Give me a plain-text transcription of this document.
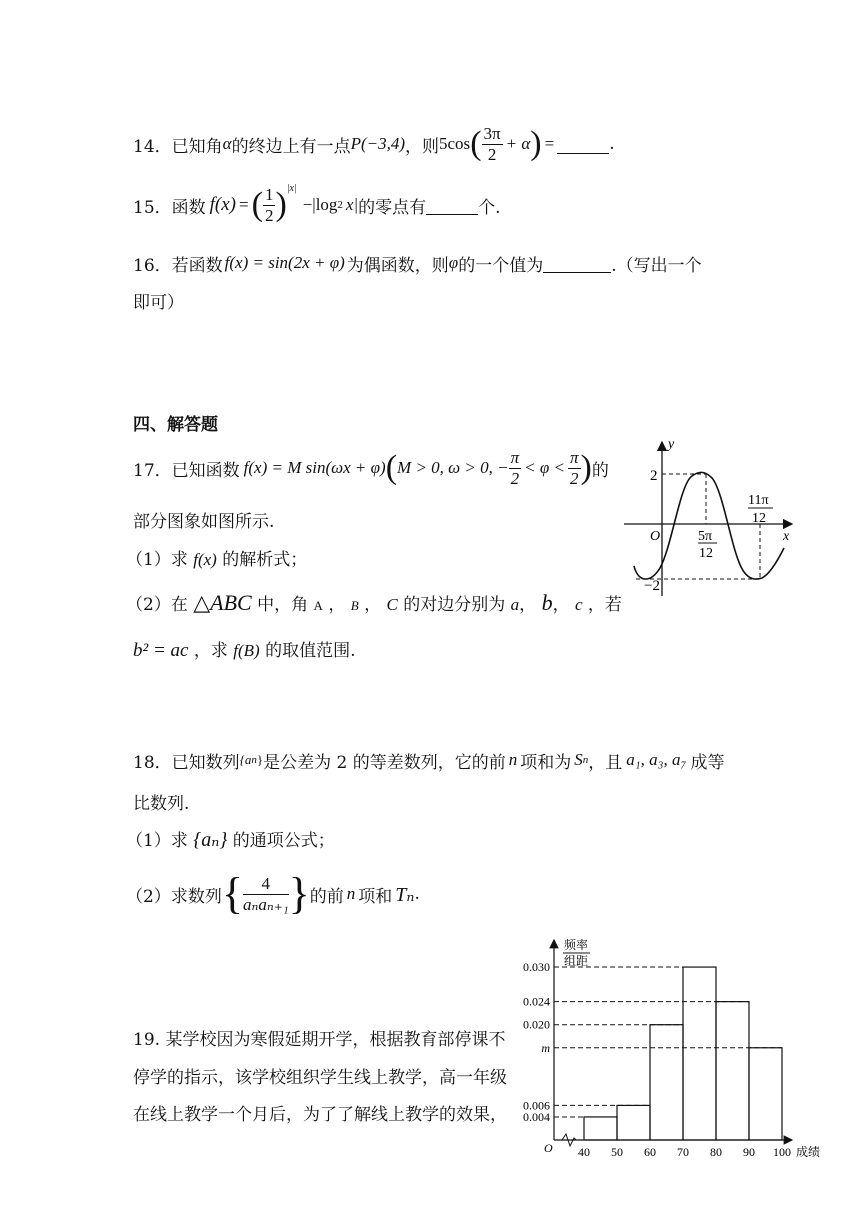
14． 已知角 α 的终边上有一点 P(−3,4) ，则 5cos ( $\frac{3\pi}{2} + \alpha$ ) =	.
15． 函数 f(x) = ( $\frac{1}{2}$ ) |x|
−|log 2 x| 的零点有	个.
16． 若函数 f(x) = sin(2x + φ) 为偶函数，则 φ 的一个值为	.（写出一个
即可）
四、解答题
17． 已知函数 f(x) = M sin(ωx + φ) ( M > 0, ω > 0, − $\frac{\pi}{2} < \varphi < \frac{\pi}{2}$ ) 的
部分图象如图所示.
（1）求 f(x) 的解析式；
（2）在 △ABC 中，角 A ， B ， C 的对边分别为 a， b， c ，若
b² = ac ，求 f(B) 的取值范围.
y
x
O
2
−2
5π
12
11π
12
18． 已知数列 {a n } 是公差为 2 的等差数列，它的前 n 项和为 S n ，且 a₁, a₃, a₇ 成等
比数列.
（1）求 {aₙ} 的通项公式；
（2）求数列 { $\frac{4}{\text{aₙaₙ₊₁}}$ } 的前 n 项和 Tₙ .
19. 某学校因为寒假延期开学，根据教育部停课不
停学的指示，该学校组织学生线上教学，高一年级
在线上教学一个月后，为了了解线上教学的效果，
频率
组距
O	成绩
0.030
0.024
0.020
m
0.006
0.004
40 50 60 70 80 90 100
